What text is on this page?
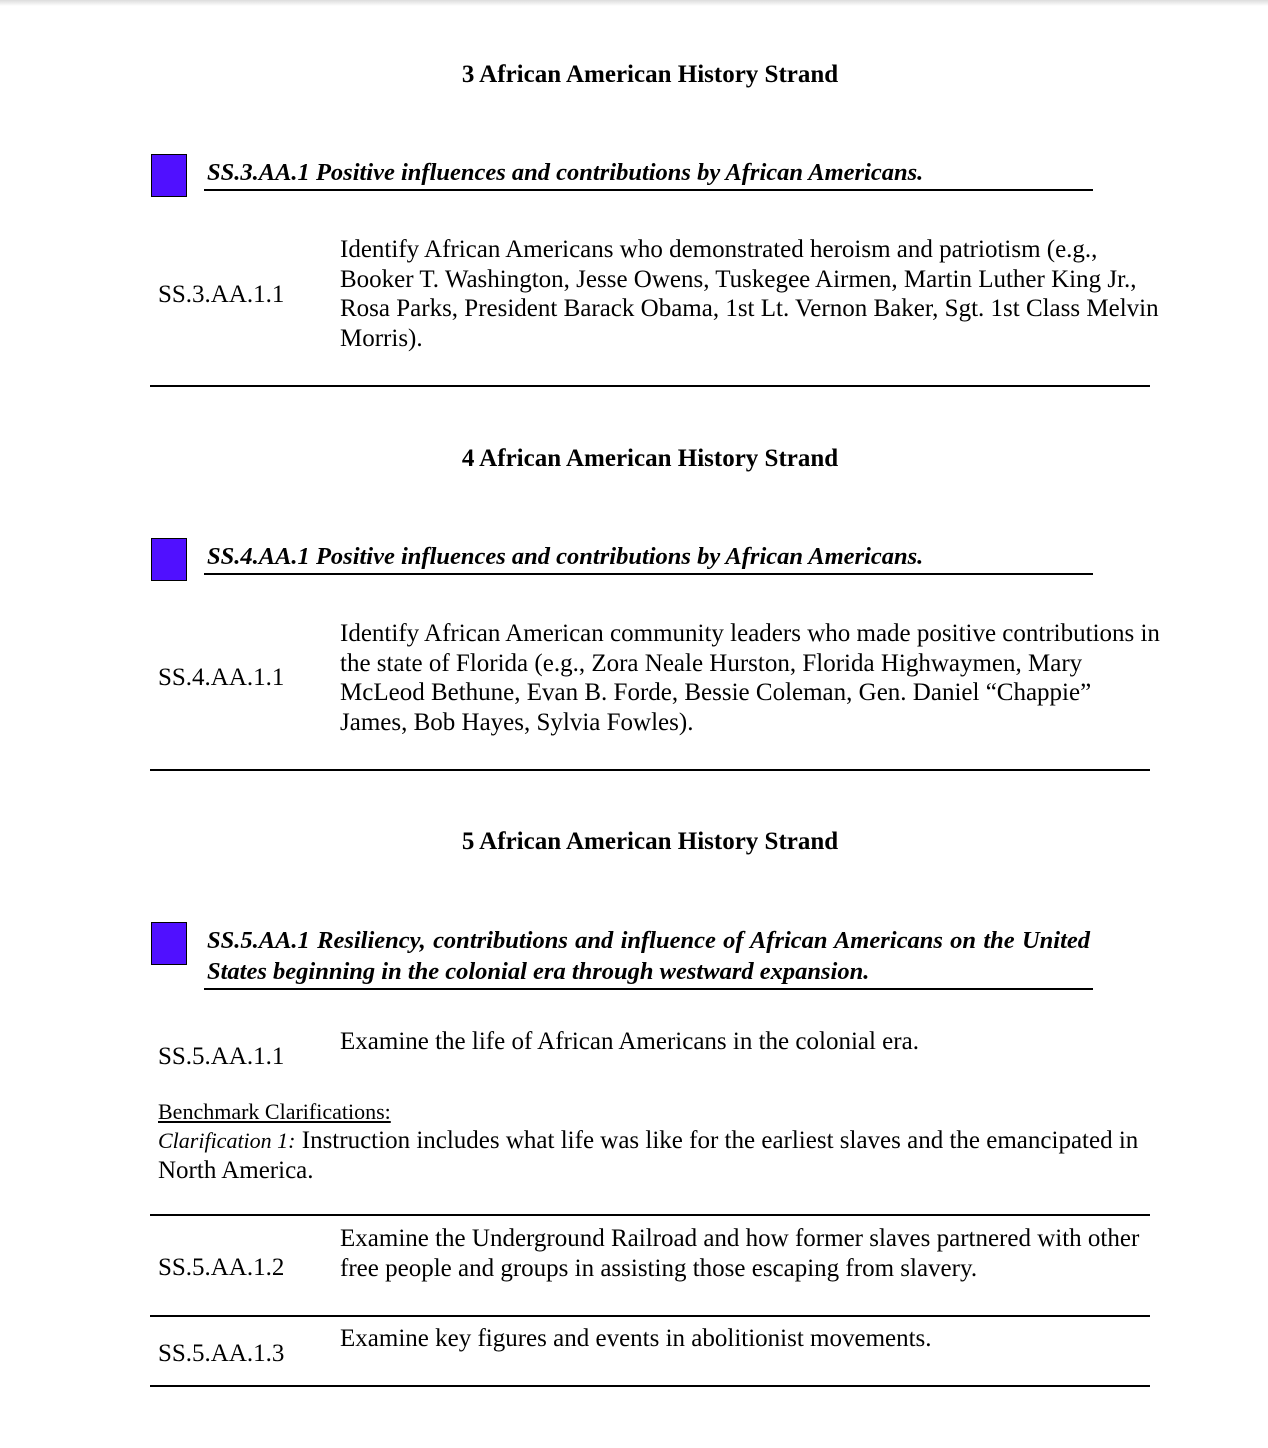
3 African American History Strand
SS.3.AA.1 Positive influences and contributions by African Americans.
SS.3.AA.1.1
Identify African Americans who demonstrated heroism and patriotism (e.g., Booker T. Washington, Jesse Owens, Tuskegee Airmen, Martin Luther King Jr., Rosa Parks, President Barack Obama, 1st Lt. Vernon Baker, Sgt. 1st Class Melvin Morris).
4 African American History Strand
SS.4.AA.1 Positive influences and contributions by African Americans.
SS.4.AA.1.1
Identify African American community leaders who made positive contributions in the state of Florida (e.g., Zora Neale Hurston, Florida Highwaymen, Mary McLeod Bethune, Evan B. Forde, Bessie Coleman, Gen. Daniel “Chappie” James, Bob Hayes, Sylvia Fowles).
5 African American History Strand
SS.5.AA.1 Resiliency, contributions and influence of African Americans on the United States beginning in the colonial era through westward expansion.
SS.5.AA.1.1
Examine the life of African Americans in the colonial era.
Benchmark Clarifications:
Clarification 1: Instruction includes what life was like for the earliest slaves and the emancipated in North America.
SS.5.AA.1.2
Examine the Underground Railroad and how former slaves partnered with other free people and groups in assisting those escaping from slavery.
SS.5.AA.1.3
Examine key figures and events in abolitionist movements.
